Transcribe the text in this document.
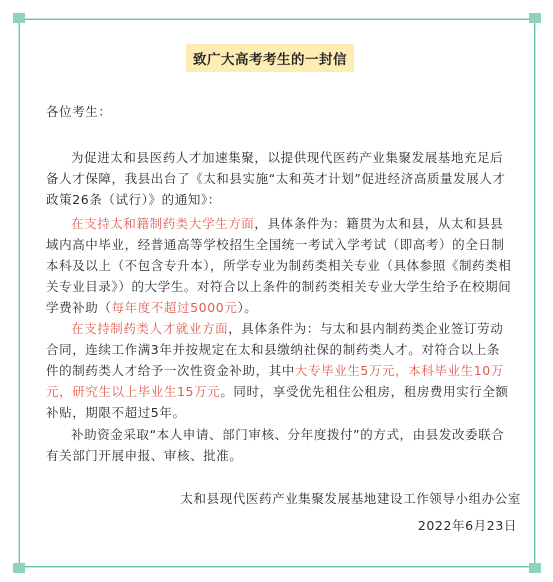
致广大高考考生的一封信
各位考生：
为促进太和县医药人才加速集聚，以提供现代医药产业集聚发展基地充足后备人才保障，我县出台了《太和县实施“太和英才计划”促进经济高质量发展人才政策26条（试行）》的通知》：
在支持太和籍制药类大学生方面，具体条件为：籍贯为太和县，从太和县县域内高中毕业，经普通高等学校招生全国统一考试入学考试（即高考）的全日制本科及以上（不包含专升本），所学专业为制药类相关专业（具体参照《制药类相关专业目录》）的大学生。对符合以上条件的制药类相关专业大学生给予在校期间学费补助（每年度不超过5000元）。
在支持制药类人才就业方面，具体条件为：与太和县内制药类企业签订劳动合同，连续工作满3年并按规定在太和县缴纳社保的制药类人才。对符合以上条件的制药类人才给予一次性资金补助，其中大专毕业生5万元，本科毕业生10万元，研究生以上毕业生15万元。同时，享受优先租住公租房，租房费用实行全额补贴，期限不超过5年。
补助资金采取“本人申请、部门审核、分年度拨付”的方式，由县发改委联合有关部门开展申报、审核、批准。
太和县现代医药产业集聚发展基地建设工作领导小组办公室
2022年6月23日
